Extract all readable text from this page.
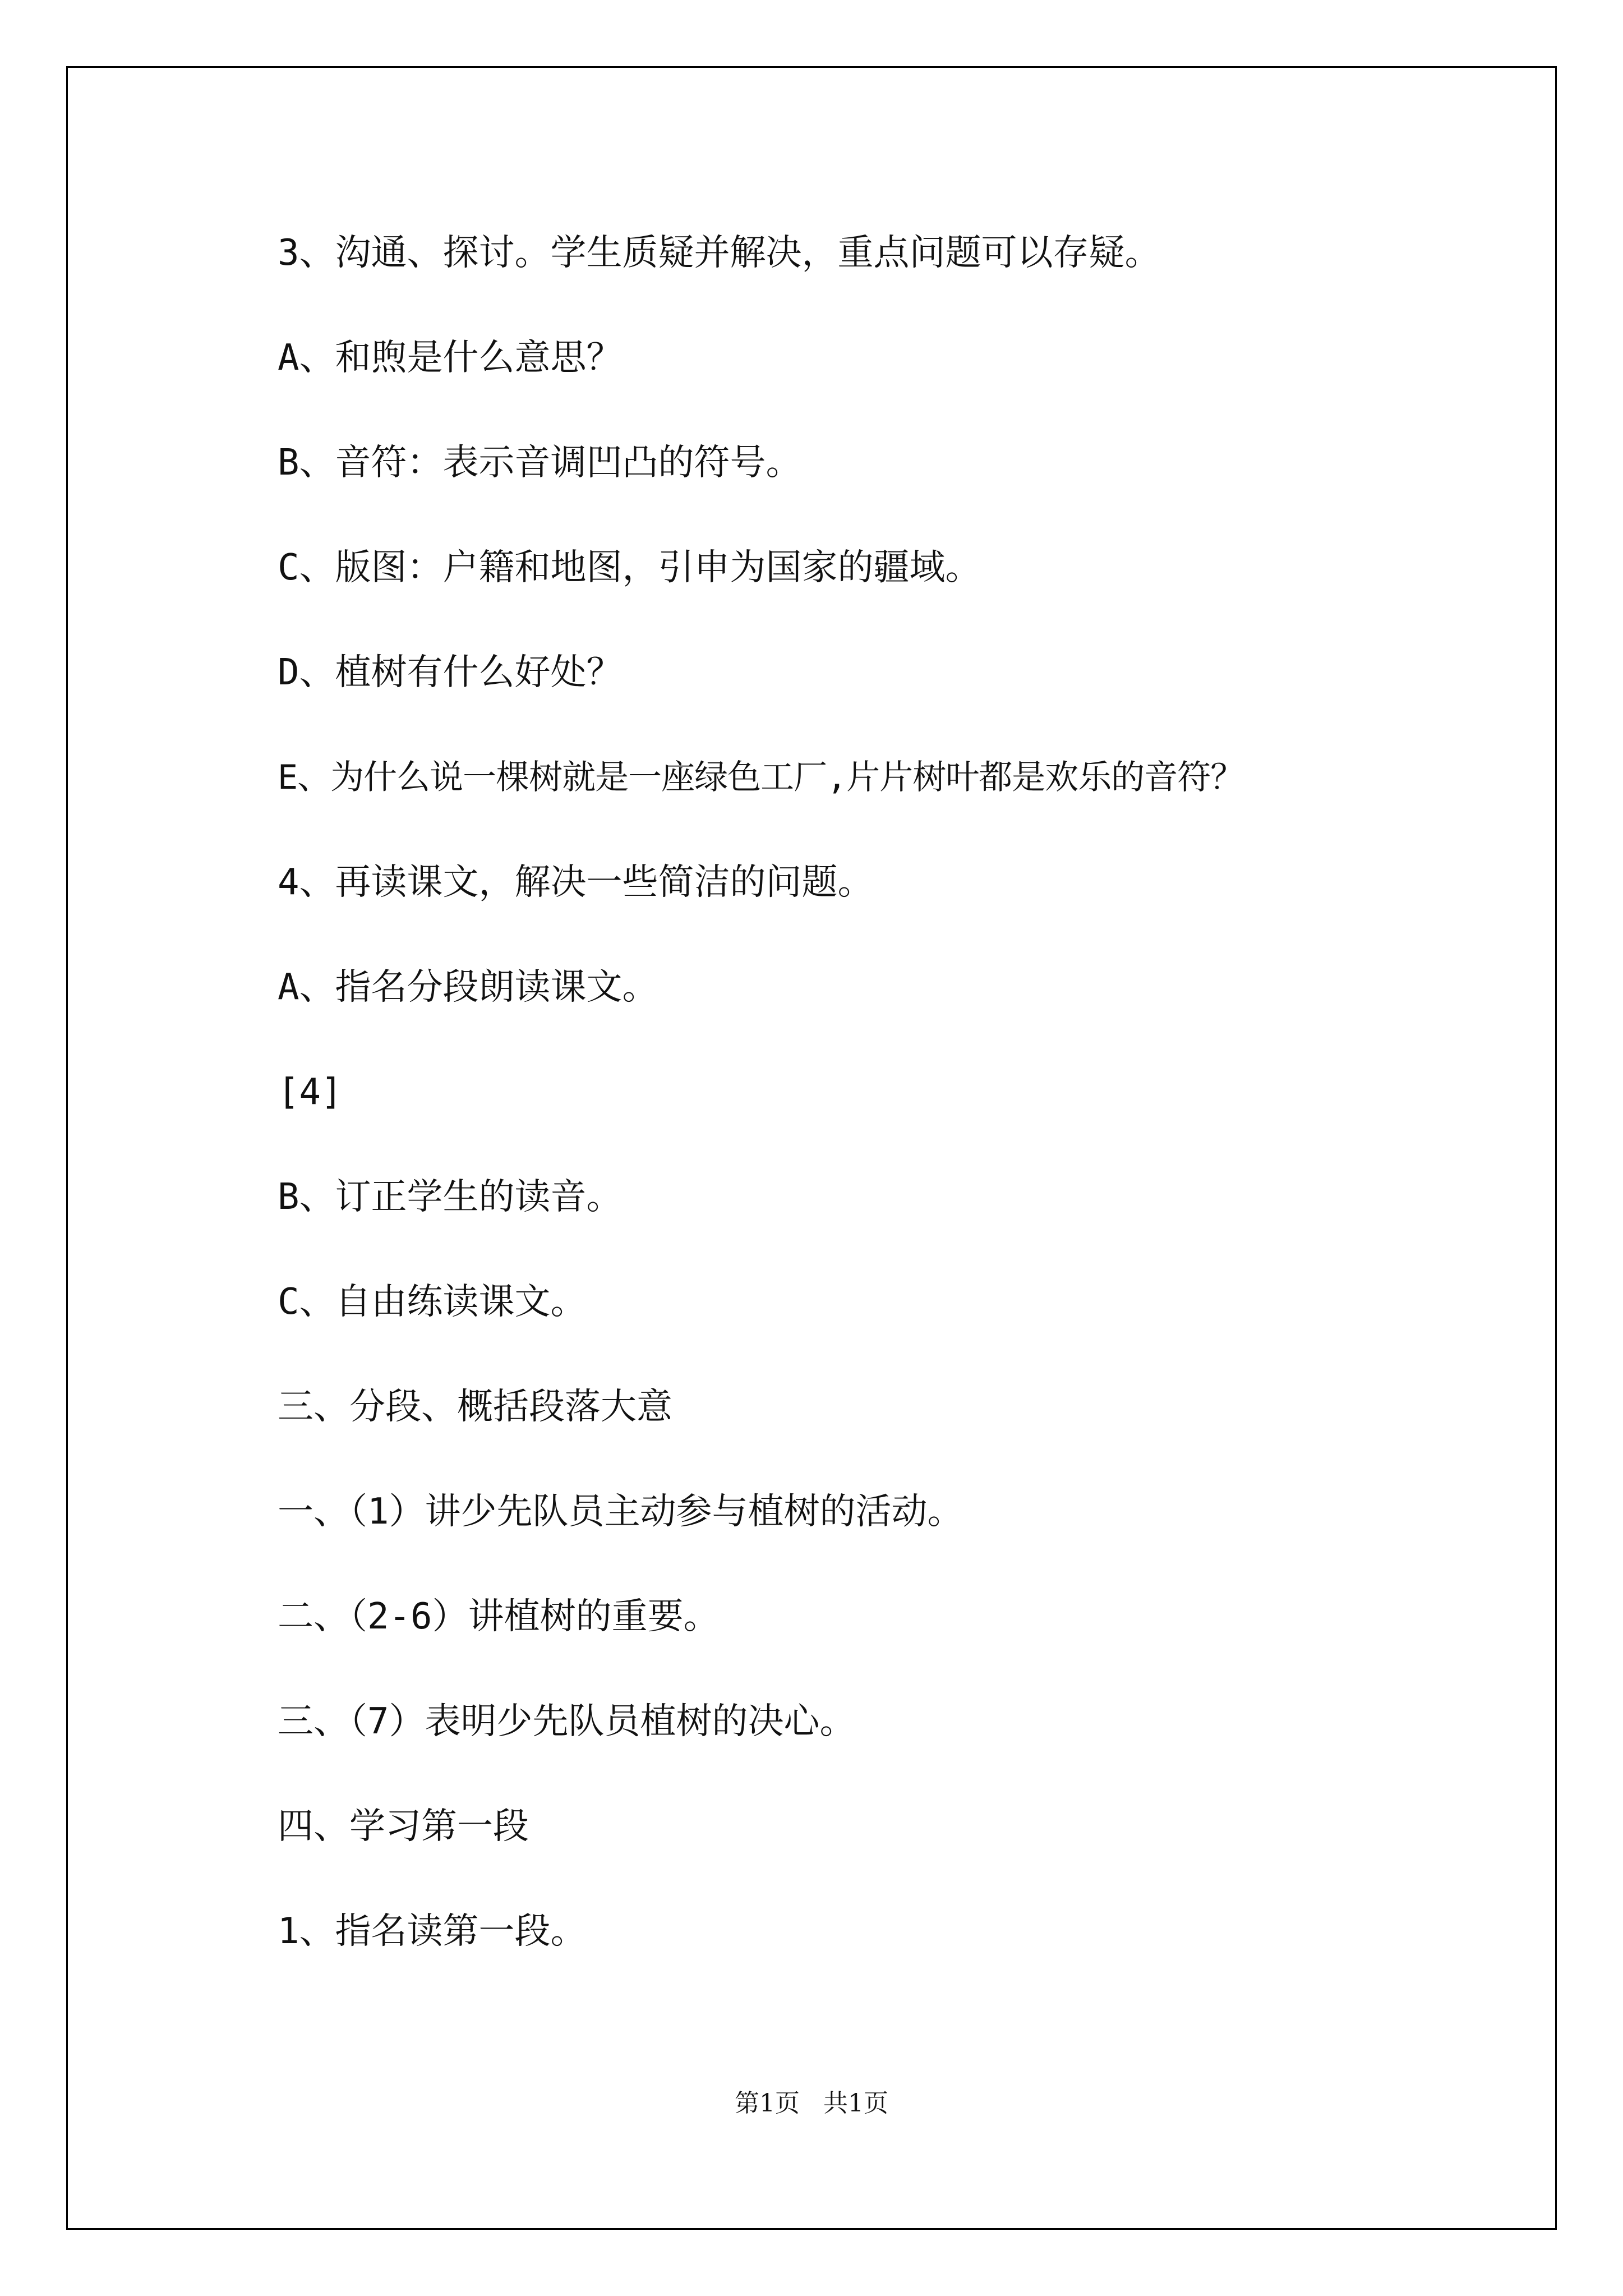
3、沟通、探讨。学生质疑并解决，重点问题可以存疑。
A、和煦是什么意思？
B、音符：表示音调凹凸的符号。
C、版图：户籍和地图，引申为国家的疆域。
D、植树有什么好处？
E、为什么说一棵树就是一座绿色工厂,片片树叶都是欢乐的音符？
4、再读课文，解决一些简洁的问题。
A、指名分段朗读课文。
[4]
B、订正学生的读音。
C、自由练读课文。
三、分段、概括段落大意
一、（1）讲少先队员主动参与植树的活动。
二、（2-6）讲植树的重要。
三、（7）表明少先队员植树的决心。
四、学习第一段
1、指名读第一段。
第1页   共1页
